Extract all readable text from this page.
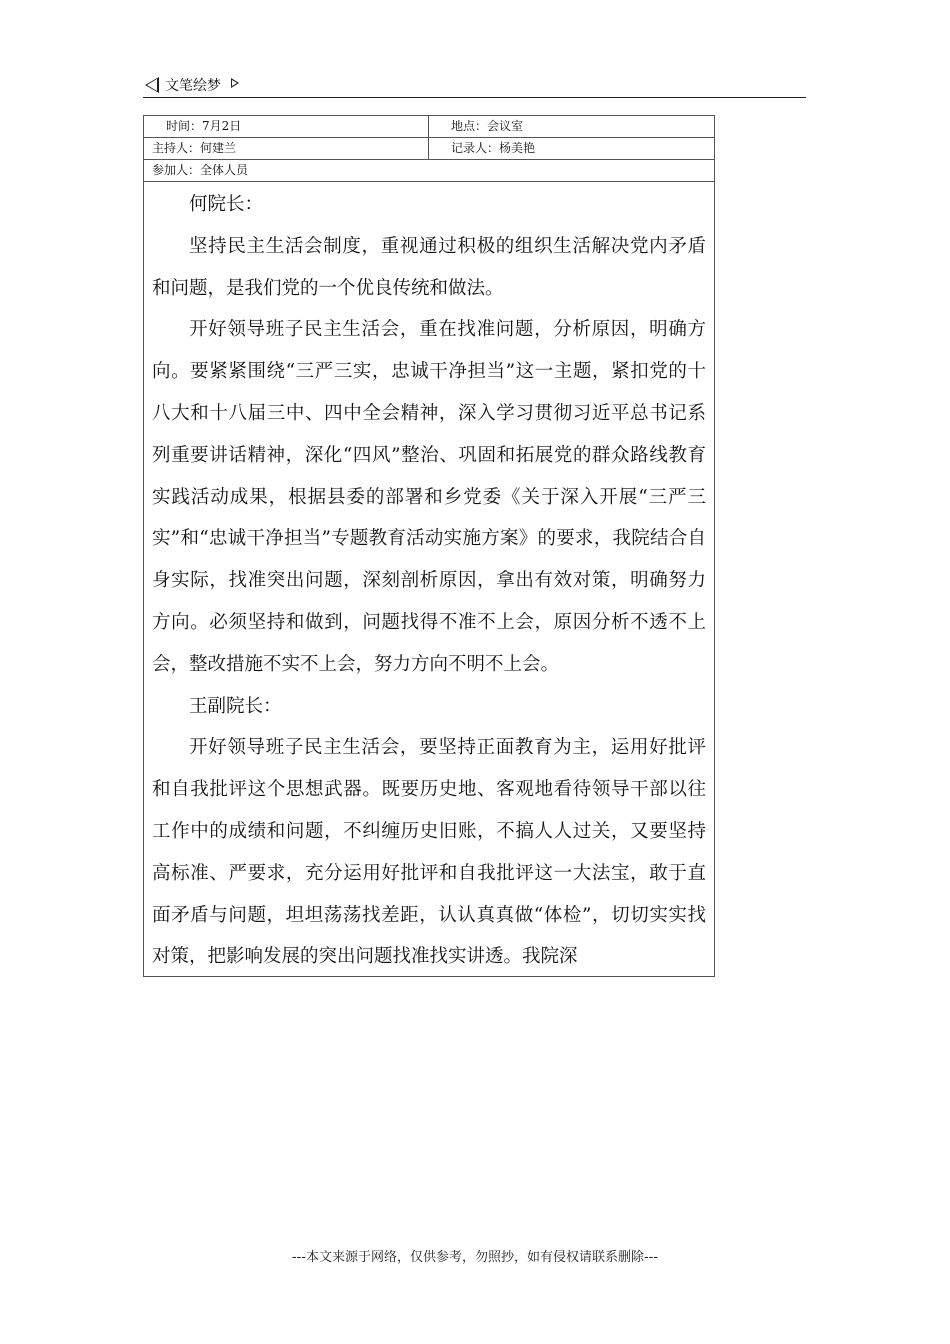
文笔绘梦
时间：7月2日	地点：会议室
主持人：何建兰	记录人：杨美艳
参加人：全体人员

何院长：

坚持民主生活会制度，重视通过积极的组织生活解决党内矛盾和问题，是我们党的一个优良传统和做法。

开好领导班子民主生活会，重在找准问题，分析原因，明确方向。要紧紧围绕“三严三实，忠诚干净担当”这一主题，紧扣党的十八大和十八届三中、四中全会精神，深入学习贯彻习近平总书记系列重要讲话精神，深化“四风”整治、巩固和拓展党的群众路线教育实践活动成果，根据县委的部署和乡党委《关于深入开展“三严三实”和“忠诚干净担当”专题教育活动实施方案》的要求，我院结合自身实际，找准突出问题，深刻剖析原因，拿出有效对策，明确努力方向。必须坚持和做到，问题找得不准不上会，原因分析不透不上会，整改措施不实不上会，努力方向不明不上会。

王副院长：

开好领导班子民主生活会，要坚持正面教育为主，运用好批评和自我批评这个思想武器。既要历史地、客观地看待领导干部以往工作中的成绩和问题，不纠缠历史旧账，不搞人人过关，又要坚持高标准、严要求，充分运用好批评和自我批评这一大法宝，敢于直面矛盾与问题，坦坦荡荡找差距，认认真真做“体检”，切切实实找对策，把影响发展的突出问题找准找实讲透。我院深

---本文来源于网络，仅供参考，勿照抄，如有侵权请联系删除---
